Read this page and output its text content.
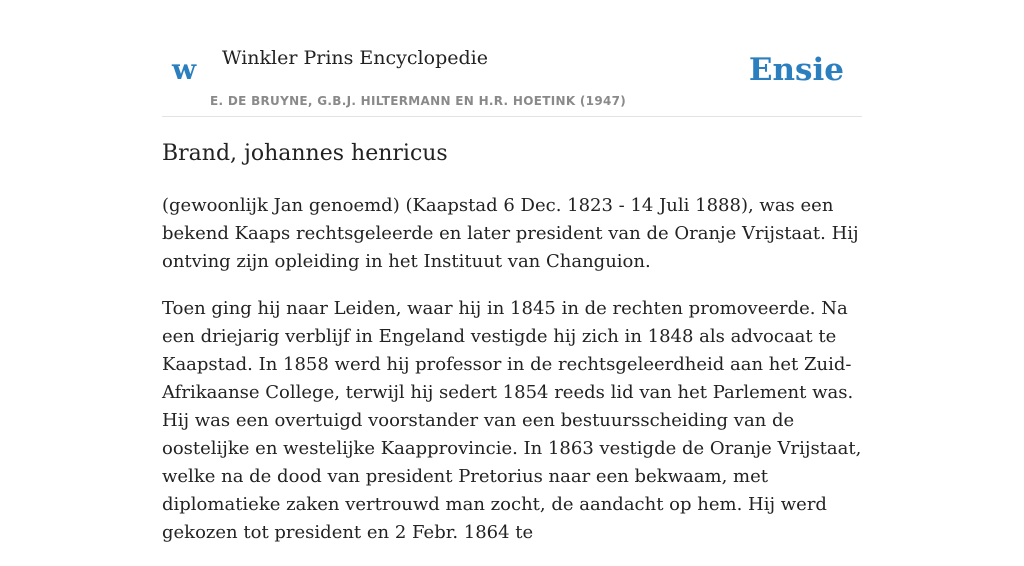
w Winkler Prins Encyclopedie
E. DE BRUYNE, G.B.J. HILTERMANN EN H.R. HOETINK (1947)
Ensie
Brand, johannes henricus

(gewoonlijk Jan genoemd) (Kaapstad 6 Dec. 1823 - 14 Juli 1888), was een bekend Kaaps rechtsgeleerde en later president van de Oranje Vrijstaat. Hij ontving zijn opleiding in het Instituut van Changuion.

Toen ging hij naar Leiden, waar hij in 1845 in de rechten promoveerde. Na een driejarig verblijf in Engeland vestigde hij zich in 1848 als advocaat te Kaapstad. In 1858 werd hij professor in de rechtsgeleerdheid aan het Zuid-Afrikaanse College, terwijl hij sedert 1854 reeds lid van het Parlement was. Hij was een overtuigd voorstander van een bestuursscheiding van de oostelijke en westelijke Kaapprovincie. In 1863 vestigde de Oranje Vrijstaat, welke na de dood van president Pretorius naar een bekwaam, met diplomatieke zaken vertrouwd man zocht, de aandacht op hem. Hij werd gekozen tot president en 2 Febr. 1864 te
